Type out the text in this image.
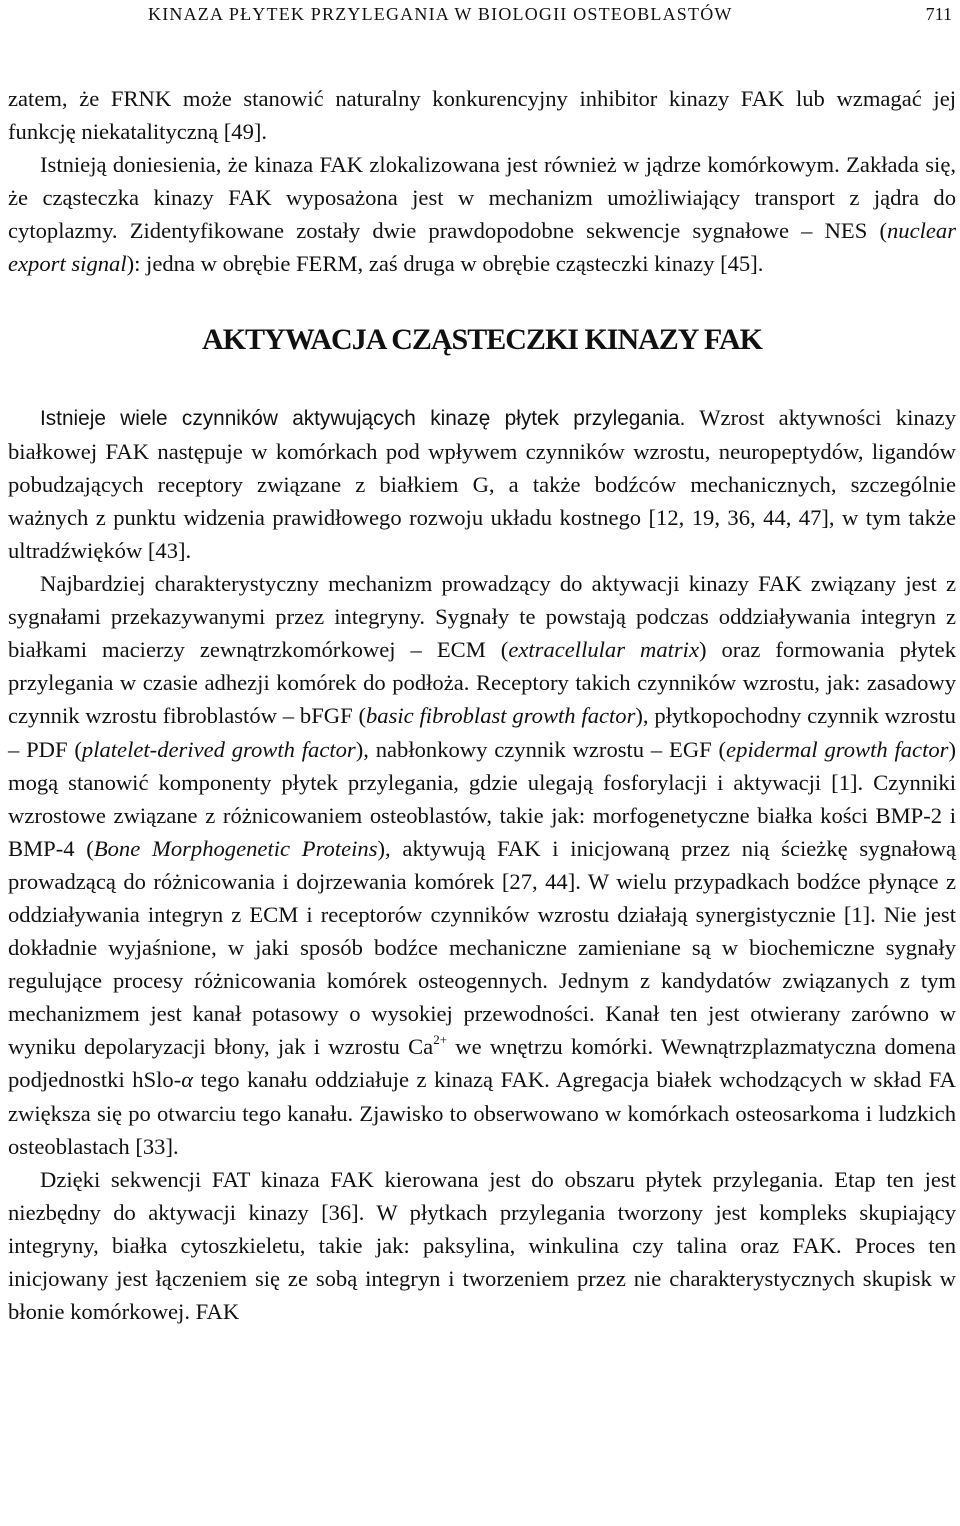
KINAZA PŁYTEK PRZYLEGANIA W BIOLOGII OSTEOBLASTÓW	711

zatem, że FRNK może stanowić naturalny konkurencyjny inhibitor kinazy FAK lub wzmagać jej funkcję niekatalityczną [49].

Istnieją doniesienia, że kinaza FAK zlokalizowana jest również w jądrze komórkowym. Zakłada się, że cząsteczka kinazy FAK wyposażona jest w mechanizm umożliwiający transport z jądra do cytoplazmy. Zidentyfikowane zostały dwie prawdopodobne sekwencje sygnałowe – NES (nuclear export signal): jedna w obrębie FERM, zaś druga w obrębie cząsteczki kinazy [45].

AKTYWACJA CZĄSTECZKI KINAZY FAK

Istnieje wiele czynników aktywujących kinazę płytek przylegania. Wzrost aktywności kinazy białkowej FAK następuje w komórkach pod wpływem czynników wzrostu, neuropeptydów, ligandów pobudzających receptory związane z białkiem G, a także bodźców mechanicznych, szczególnie ważnych z punktu widzenia prawidłowego rozwoju układu kostnego [12, 19, 36, 44, 47], w tym także ultradźwięków [43].

Najbardziej charakterystyczny mechanizm prowadzący do aktywacji kinazy FAK związany jest z sygnałami przekazywanymi przez integryny. Sygnały te powstają podczas oddziaływania integryn z białkami macierzy zewnątrzkomórkowej – ECM (extracellular matrix) oraz formowania płytek przylegania w czasie adhezji komórek do podłoża. Receptory takich czynników wzrostu, jak: zasadowy czynnik wzrostu fibroblastów – bFGF (basic fibroblast growth factor), płytkopochodny czynnik wzrostu – PDF (platelet-derived growth factor), nabłonkowy czynnik wzrostu – EGF (epidermal growth factor) mogą stanowić komponenty płytek przylegania, gdzie ulegają fosforylacji i aktywacji [1]. Czynniki wzrostowe związane z różnicowaniem osteoblastów, takie jak: morfogenetyczne białka kości BMP-2 i BMP-4 (Bone Morphogenetic Proteins), aktywują FAK i inicjowaną przez nią ścieżkę sygnałową prowadzącą do różnicowania i dojrzewania komórek [27, 44]. W wielu przypadkach bodźce płynące z oddziaływania integryn z ECM i receptorów czynników wzrostu działają synergistycznie [1]. Nie jest dokładnie wyjaśnione, w jaki sposób bodźce mechaniczne zamieniane są w biochemiczne sygnały regulujące procesy różnicowania komórek osteogennych. Jednym z kandydatów związanych z tym mechanizmem jest kanał potasowy o wysokiej przewodności. Kanał ten jest otwierany zarówno w wyniku depolaryzacji błony, jak i wzrostu $Ca^{2+}$ we wnętrzu komórki. Wewnątrzplazmatyczna domena podjednostki hSlo-α tego kanału oddziałuje z kinazą FAK. Agregacja białek wchodzących w skład FA zwiększa się po otwarciu tego kanału. Zjawisko to obserwowano w komórkach osteosarkoma i ludzkich osteoblastach [33].

Dzięki sekwencji FAT kinaza FAK kierowana jest do obszaru płytek przylegania. Etap ten jest niezbędny do aktywacji kinazy [36]. W płytkach przylegania tworzony jest kompleks skupiający integryny, białka cytoszkieletu, takie jak: paksylina, winkulina czy talina oraz FAK. Proces ten inicjowany jest łączeniem się ze sobą integryn i tworzeniem przez nie charakterystycznych skupisk w błonie komórkowej. FAK
